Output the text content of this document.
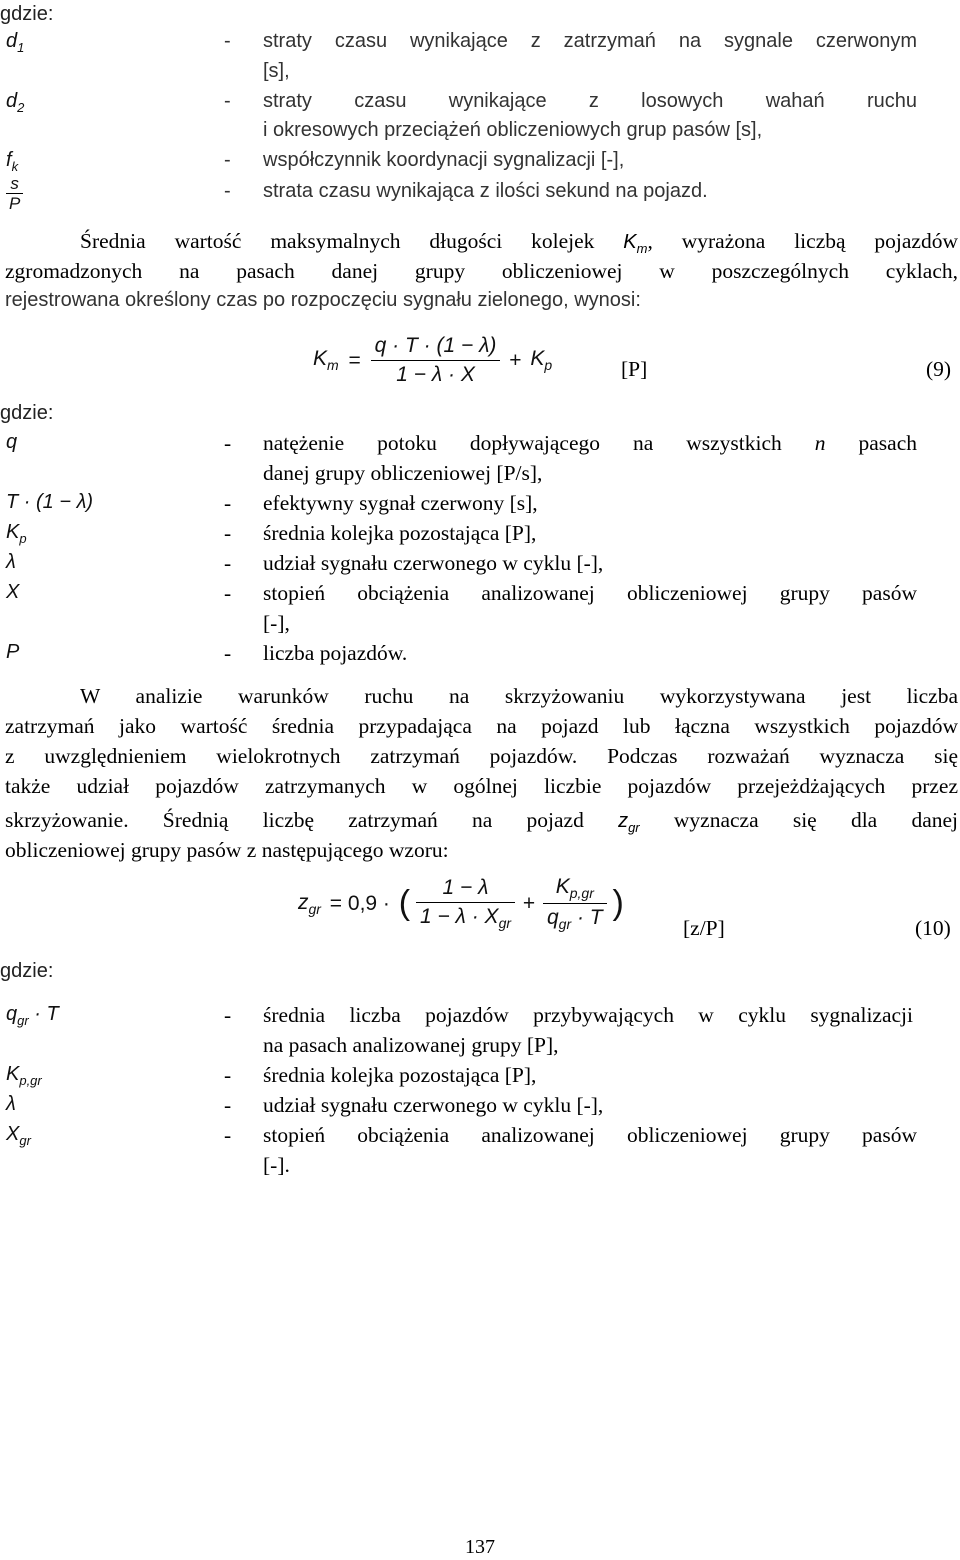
gdzie:
$d_1$	- straty czasu wynikające z zatrzymań na sygnale czerwonym
[s],
$d_2$	- straty czasu wynikające z losowych wahań ruchu
i okresowych przeciążeń obliczeniowych grup pasów [s],
$f_k$	- współczynnik koordynacji sygnalizacji [-],
$\frac{s}{P}$	- strata czasu wynikająca z ilości sekund na pojazd.
Średnia wartość maksymalnych długości kolejek $K_m$, wyrażona liczbą pojazdów
zgromadzonych na pasach danej grupy obliczeniowej w poszczególnych cyklach,
rejestrowana określony czas po rozpoczęciu sygnału zielonego, wynosi:
$K_m = \frac{q \cdot T \cdot (1 - \lambda)}{1 - \lambda \cdot X} + K_p$	[P]	(9)
gdzie:
q	- natężenie potoku dopływającego na wszystkich n pasach
danej grupy obliczeniowej [P/s],
T · (1 − λ)	- efektywny sygnał czerwony [s],
$K_p$	- średnia kolejka pozostająca [P],
λ	- udział sygnału czerwonego w cyklu [-],
X	- stopień obciążenia analizowanej obliczeniowej grupy pasów
[-],
P	- liczba pojazdów.
W analizie warunków ruchu na skrzyżowaniu wykorzystywana jest liczba
zatrzymań jako wartość średnia przypadająca na pojazd lub łączna wszystkich pojazdów
z uwzględnieniem wielokrotnych zatrzymań pojazdów. Podczas rozważań wyznacza się
także udział pojazdów zatrzymanych w ogólnej liczbie pojazdów przejeżdżających przez
skrzyżowanie. Średnią liczbę zatrzymań na pojazd $z_{gr}$ wyznacza się dla danej
obliczeniowej grupy pasów z następującego wzoru:
$z_{gr} = 0,9$ · ( $\frac{1 - \lambda}{1 - \lambda \cdot X_{gr}} + \frac{K_{p,gr}}{q_{gr} \cdot T}$ )
[z/P]	(10)
gdzie:
$q_{gr} \cdot T$	- średnia liczba pojazdów przybywających w cyklu sygnalizacji
na pasach analizowanej grupy [P],
$K_{p,gr}$	- średnia kolejka pozostająca [P],
λ	- udział sygnału czerwonego w cyklu [-],
$X_{gr}$	- stopień obciążenia analizowanej obliczeniowej grupy pasów
[-].
137
